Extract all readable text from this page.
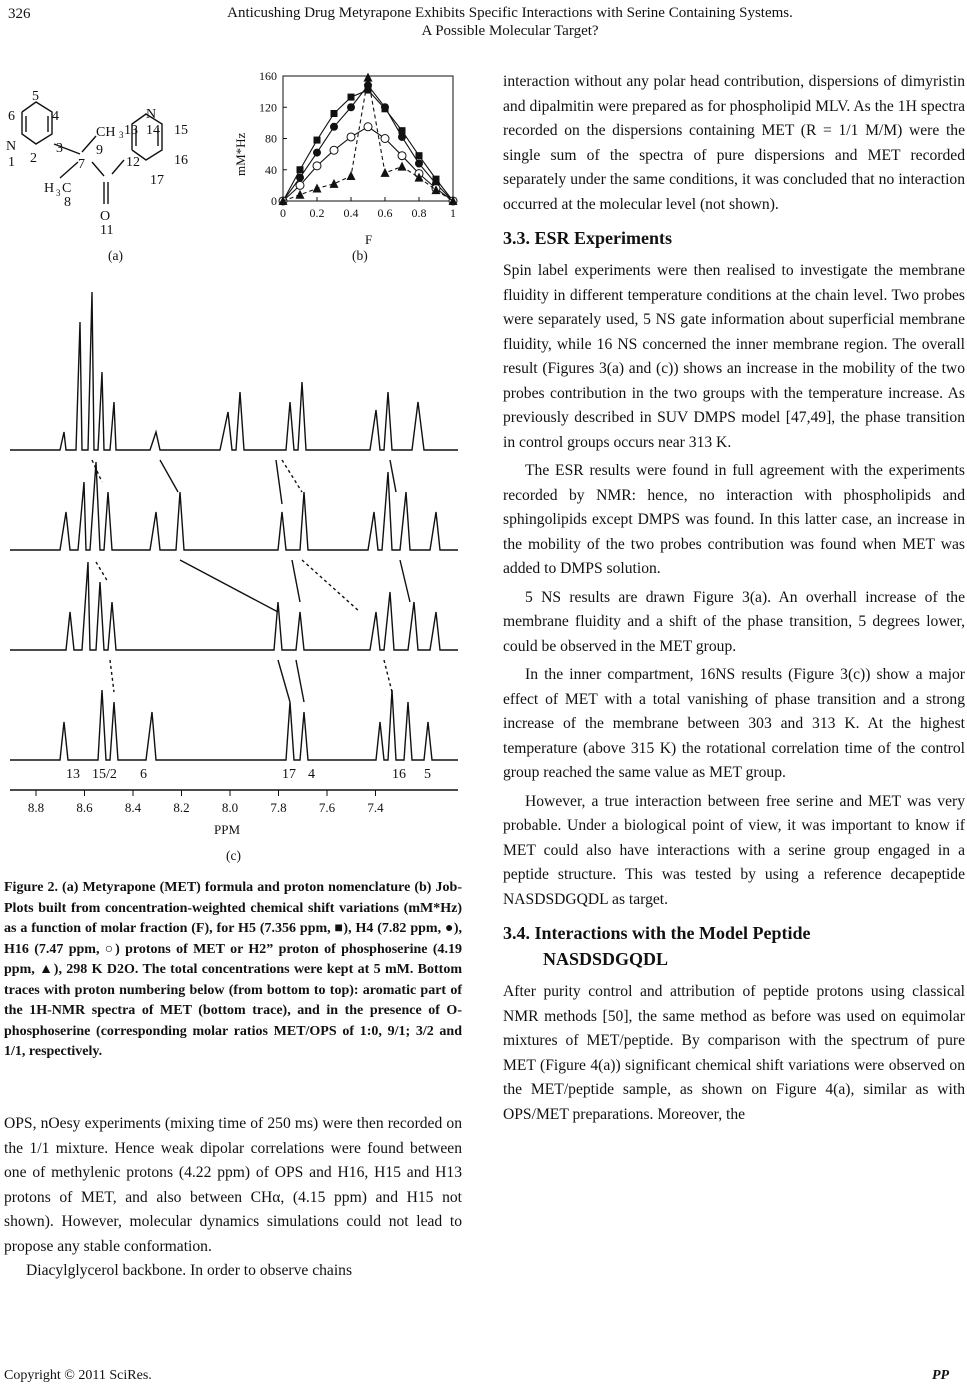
326	Anticushing Drug Metyrapone Exhibits Specific Interactions with Serine Containing Systems.
A Possible Molecular Target?
5
4
6
N
1 2
3
7
9
CH 3
H 3 C
8
O
11
12
13 14
N
15
16
17
(a)
mM*Hz
F
0
40
80
120
160
0 0.2 0.4 0.6 0.8 1
(b)
13 15/2 6	17 4	16 5
8.8 8.6 8.4 8.2 8.0 7.8 7.6 7.4
PPM
(c)

Figure 2. (a) Metyrapone (MET) formula and proton nomenclature (b) Job-Plots built from concentration-weighted chemical shift variations (mM*Hz) as a function of molar fraction (F), for H5 (7.356 ppm, ■), H4 (7.82 ppm, ●), H16 (7.47 ppm, ○) protons of MET or H2” proton of phosphoserine (4.19 ppm, ▲), 298 K D2O. The total concentrations were kept at 5 mM. Bottom traces with proton numbering below (from bottom to top): aromatic part of the 1H-NMR spectra of MET (bottom trace), and in the presence of O-phosphoserine (corresponding molar ratios MET/OPS of 1:0, 9/1; 3/2 and 1/1, respectively.

OPS, nOesy experiments (mixing time of 250 ms) were then recorded on the 1/1 mixture. Hence weak dipolar correlations were found between one of methylenic protons (4.22 ppm) of OPS and H16, H15 and H13 protons of MET, and also between CHα, (4.15 ppm) and H15 not shown). However, molecular dynamics simulations could not lead to propose any stable conformation.

Diacylglycerol backbone. In order to observe chains

interaction without any polar head contribution, dispersions of dimyristin and dipalmitin were prepared as for phospholipid MLV. As the 1H spectra recorded on the dispersions containing MET (R = 1/1 M/M) were the single sum of the spectra of pure dispersions and MET recorded separately under the same conditions, it was concluded that no interaction occurred at the molecular level (not shown).

3.3. ESR Experiments

Spin label experiments were then realised to investigate the membrane fluidity in different temperature conditions at the chain level. Two probes were separately used, 5 NS gate information about superficial membrane fluidity, while 16 NS concerned the inner membrane region. The overall result (Figures 3(a) and (c)) shows an increase in the mobility of the two probes contribution in the two groups with the temperature increase. As previously described in SUV DMPS model [47,49], the phase transition in control groups occurs near 313 K.

The ESR results were found in full agreement with the experiments recorded by NMR: hence, no interaction with phospholipids and sphingolipids except DMPS was found. In this latter case, an increase in the mobility of the two probes contribution was found when MET was added to DMPS solution.

5 NS results are drawn Figure 3(a). An overhall increase of the membrane fluidity and a shift of the phase transition, 5 degrees lower, could be observed in the MET group.

In the inner compartment, 16NS results (Figure 3(c)) show a major effect of MET with a total vanishing of phase transition and a strong increase of the membrane between 303 and 313 K. At the highest temperature (above 315 K) the rotational correlation time of the control group reached the same value as MET group.

However, a true interaction between free serine and MET was very probable. Under a biological point of view, it was important to know if MET could also have interactions with a serine group engaged in a peptide structure. This was tested by using a reference decapeptide NASDSDGQDL as target.

3.4. Interactions with the Model Peptide
NASDSDGQDL

After purity control and attribution of peptide protons using classical NMR methods [50], the same method as before was used on equimolar mixtures of MET/peptide. By comparison with the spectrum of pure MET (Figure 4(a)) significant chemical shift variations were observed on the MET/peptide sample, as shown on Figure 4(a), similar as with OPS/MET preparations. Moreover, the

Copyright © 2011 SciRes.	PP
